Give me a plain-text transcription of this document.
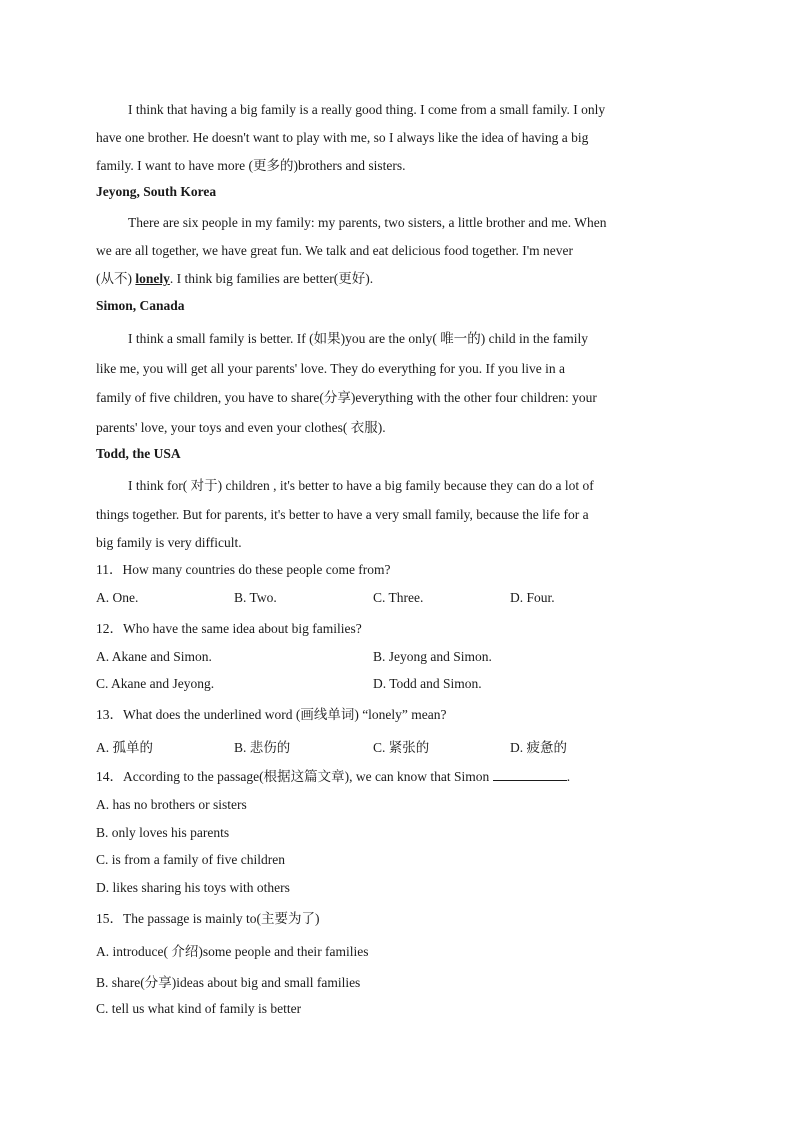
I think that having a big family is a really good thing. I come from a small family. I only
have one brother. He doesn't want to play with me, so I always like the idea of having a big
family. I want to have more (更多的)brothers and sisters.
Jeyong, South Korea
There are six people in my family: my parents, two sisters, a little brother and me. When
we are all together, we have great fun. We talk and eat delicious food together. I'm never
(从不) lonely. I think big families are better(更好).
Simon, Canada
I think a small family is better. If (如果)you are the only( 唯一的) child in the family
like me, you will get all your parents' love. They do everything for you. If you live in a
family of five children, you have to share(分享)everything with the other four children: your
parents' love, your toys and even your clothes( 衣服).
Todd, the USA
I think for( 对于) children , it's better to have a big family because they can do a lot of
things together. But for parents, it's better to have a very small family, because the life for a
big family is very difficult.
11．How many countries do these people come from?
A. One.	B. Two.	C. Three.	D. Four.
12．Who have the same idea about big families?
A. Akane and Simon.	B. Jeyong and Simon.
C. Akane and Jeyong.	D. Todd and Simon.
13．What does the underlined word (画线单词) “lonely” mean?
A. 孤单的	B. 悲伤的	C. 紧张的	D. 疲惫的
14．According to the passage(根据这篇文章), we can know that Simon	.
A. has no brothers or sisters
B. only loves his parents
C. is from a family of five children
D. likes sharing his toys with others
15．The passage is mainly to(主要为了)
A. introduce( 介绍)some people and their families
B. share(分享)ideas about big and small families
C. tell us what kind of family is better
